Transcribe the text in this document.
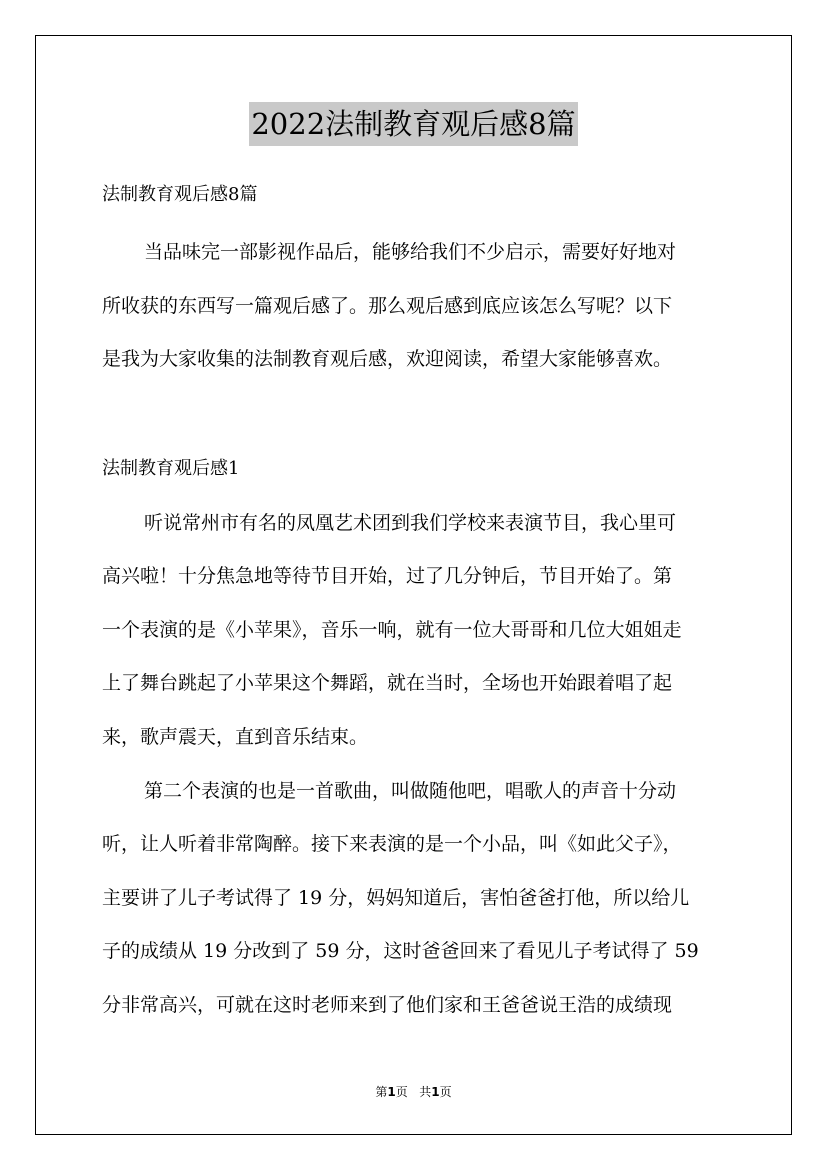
2022法制教育观后感8篇
法制教育观后感8篇
当品味完一部影视作品后，能够给我们不少启示，需要好好地对
所收获的东西写一篇观后感了。那么观后感到底应该怎么写呢？以下
是我为大家收集的法制教育观后感，欢迎阅读，希望大家能够喜欢。
法制教育观后感1
听说常州市有名的凤凰艺术团到我们学校来表演节目，我心里可
高兴啦！十分焦急地等待节目开始，过了几分钟后，节目开始了。第
一个表演的是《小苹果》，音乐一响，就有一位大哥哥和几位大姐姐走
上了舞台跳起了小苹果这个舞蹈，就在当时，全场也开始跟着唱了起
来，歌声震天，直到音乐结束。
第二个表演的也是一首歌曲，叫做随他吧，唱歌人的声音十分动
听，让人听着非常陶醉。接下来表演的是一个小品，叫《如此父子》，
主要讲了儿子考试得了 19 分，妈妈知道后，害怕爸爸打他，所以给儿
子的成绩从 19 分改到了 59 分，这时爸爸回来了看见儿子考试得了 59
分非常高兴，可就在这时老师来到了他们家和王爸爸说王浩的成绩现
第1页 共1页
